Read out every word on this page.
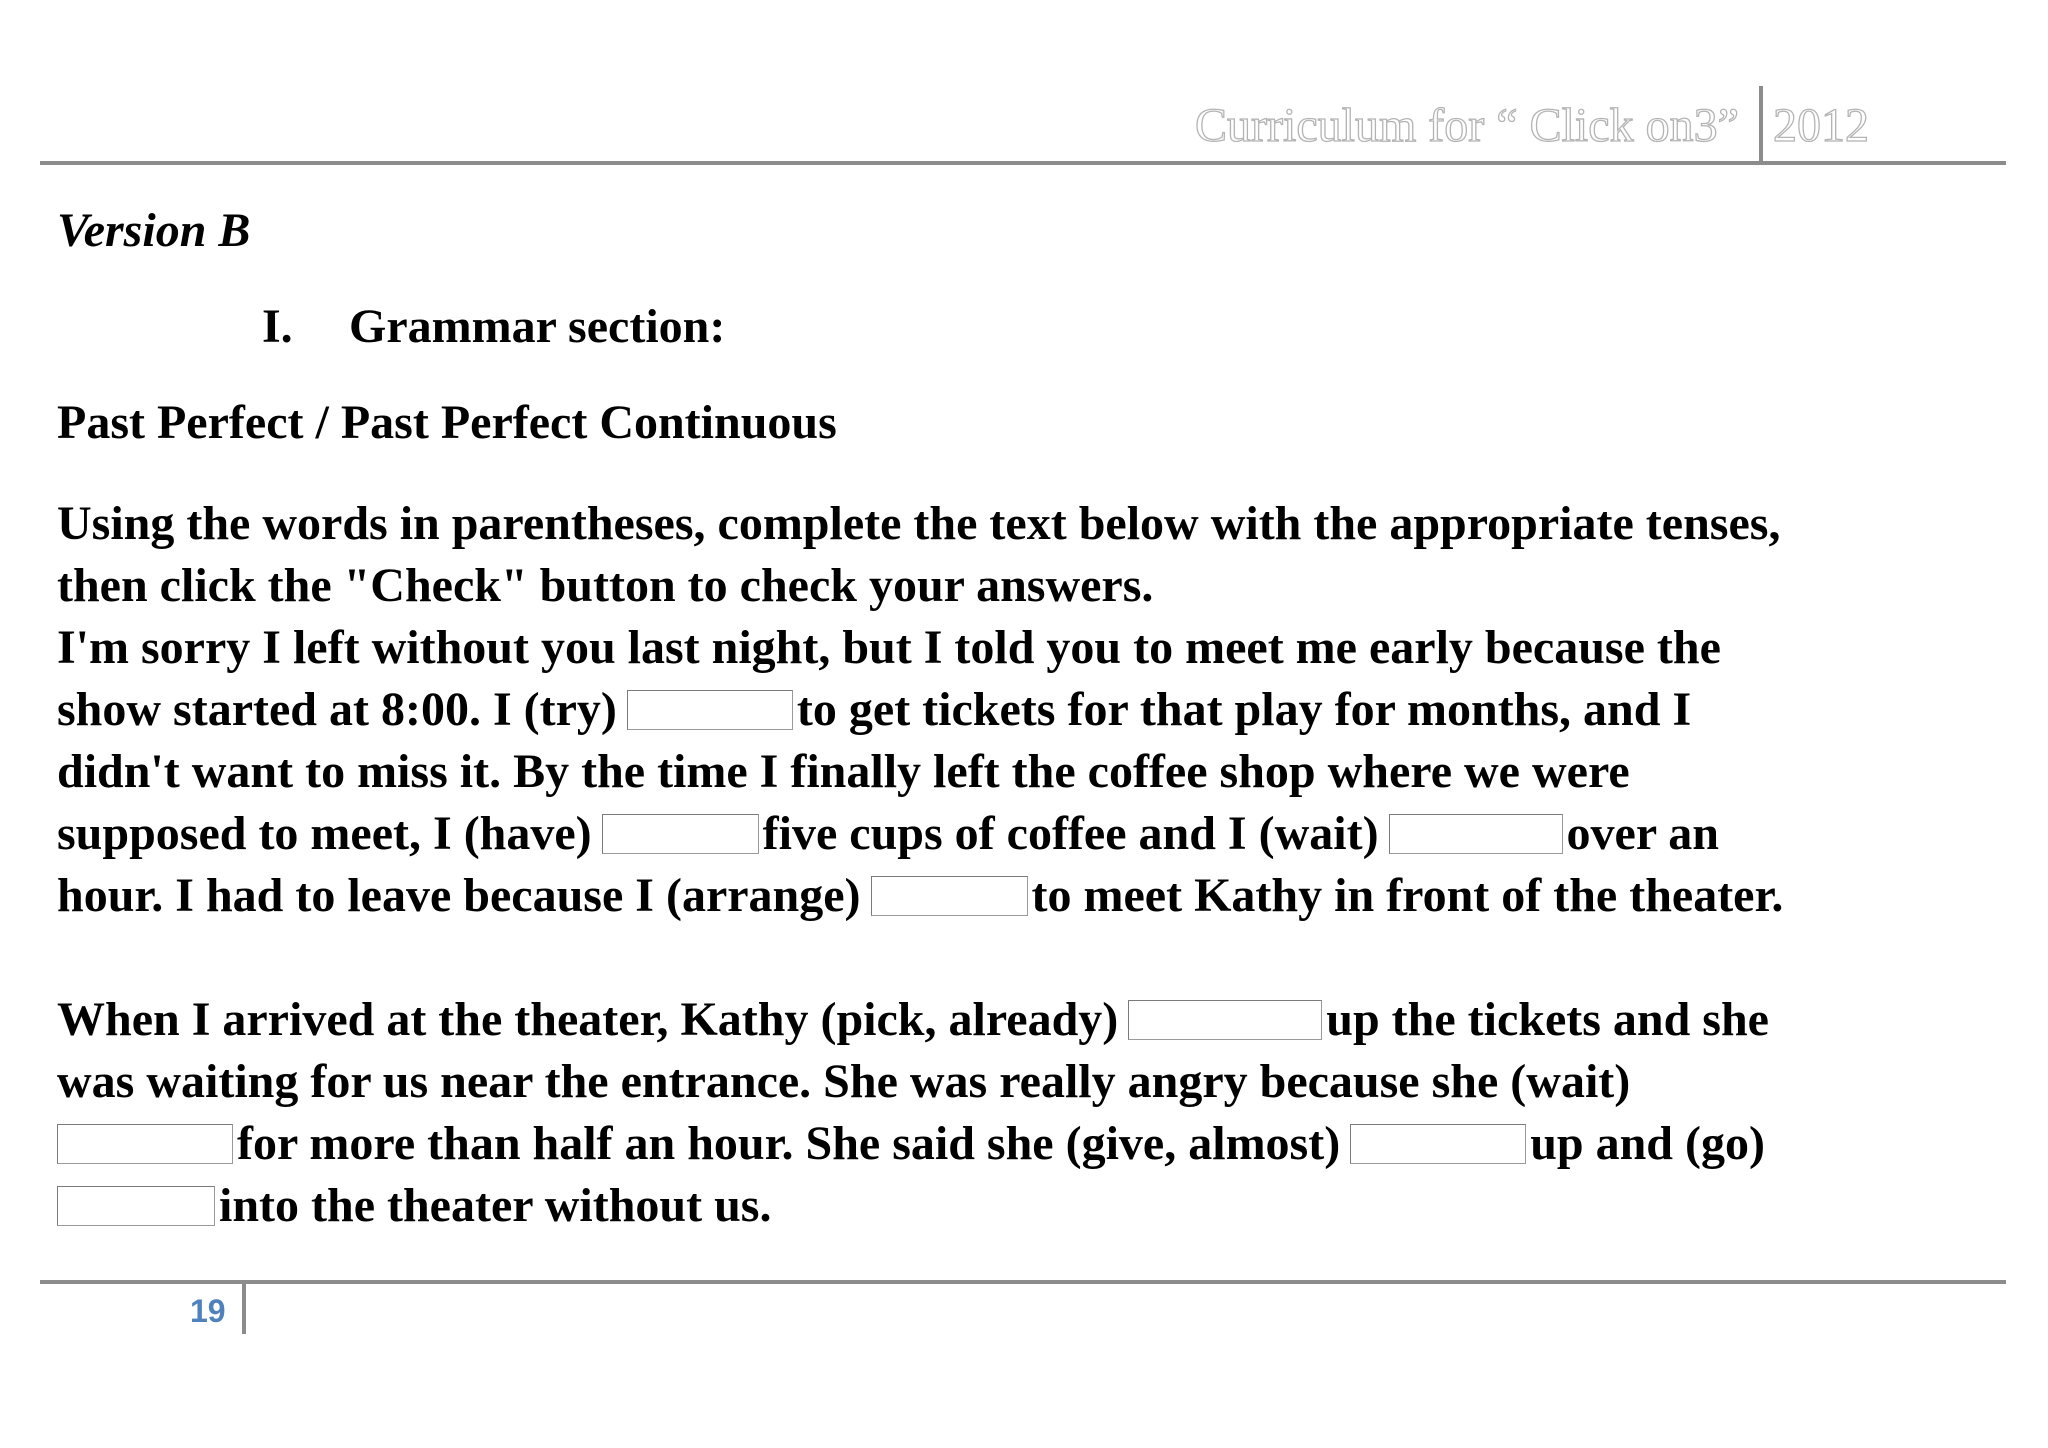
Curriculum for “ Click on3” 2012
Version B
I. Grammar section:
Past Perfect / Past Perfect Continuous
Using the words in parentheses, complete the text below with the appropriate tenses,
then click the "Check" button to check your answers.
I'm sorry I left without you last night, but I told you to meet me early because the
show started at 8:00. I (try)	to get tickets for that play for months, and I
didn't want to miss it. By the time I finally left the coffee shop where we were
supposed to meet, I (have)	five cups of coffee and I (wait)	over an
hour. I had to leave because I (arrange)	to meet Kathy in front of the theater.
When I arrived at the theater, Kathy (pick, already)	up the tickets and she
was waiting for us near the entrance. She was really angry because she (wait)
for more than half an hour. She said she (give, almost)	up and (go)
into the theater without us.
19
